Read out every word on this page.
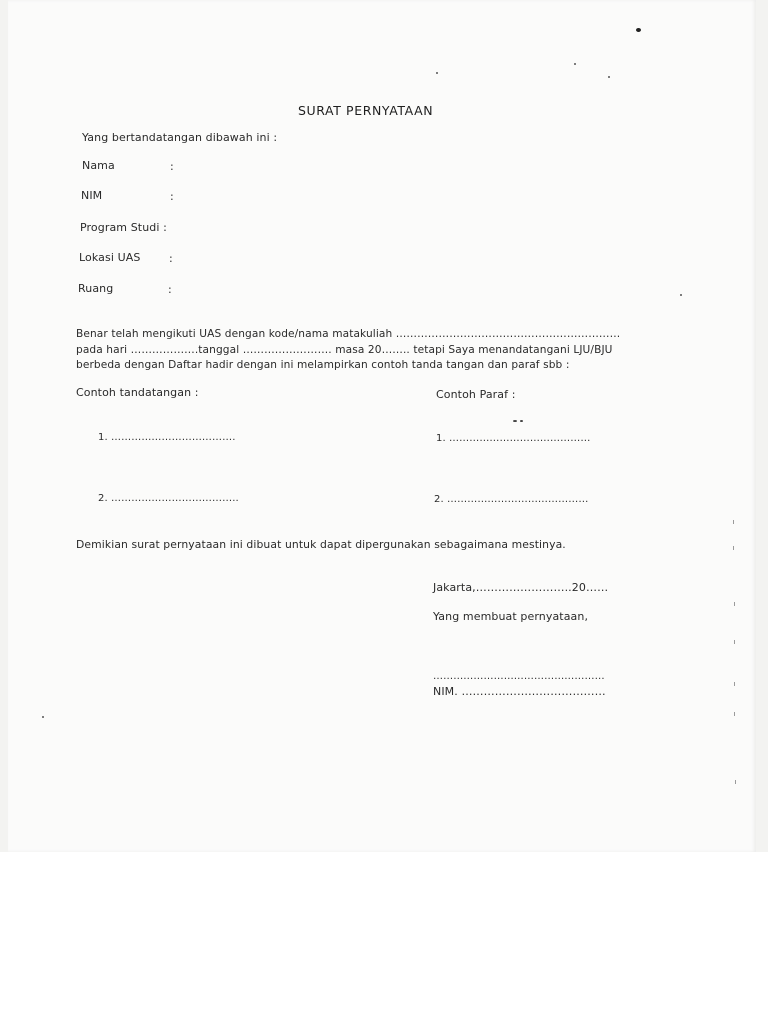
SURAT PERNYATAAN
Yang bertandatangan dibawah ini :
Nama	:
NIM	:
Program Studi :
Lokasi UAS	:
Ruang	:
Benar telah mengikuti UAS dengan kode/nama matakuliah ………………………………………………………
pada hari ……………….tanggal ……………………. masa 20…….. tetapi Saya menandatangani LJU/BJU
berbeda dengan Daftar hadir dengan ini melampirkan contoh tanda tangan dan paraf sbb :
Contoh tandatangan :	Contoh Paraf :
1. ……………………………….	1. ……………………………………
2. ………………………………..	2. ……………………………………
Demikian surat pernyataan ini dibuat untuk dapat dipergunakan sebagaimana mestinya.
Jakarta,……………………..20……
Yang membuat pernyataan,
……………………………………………
NIM. …………………………………
